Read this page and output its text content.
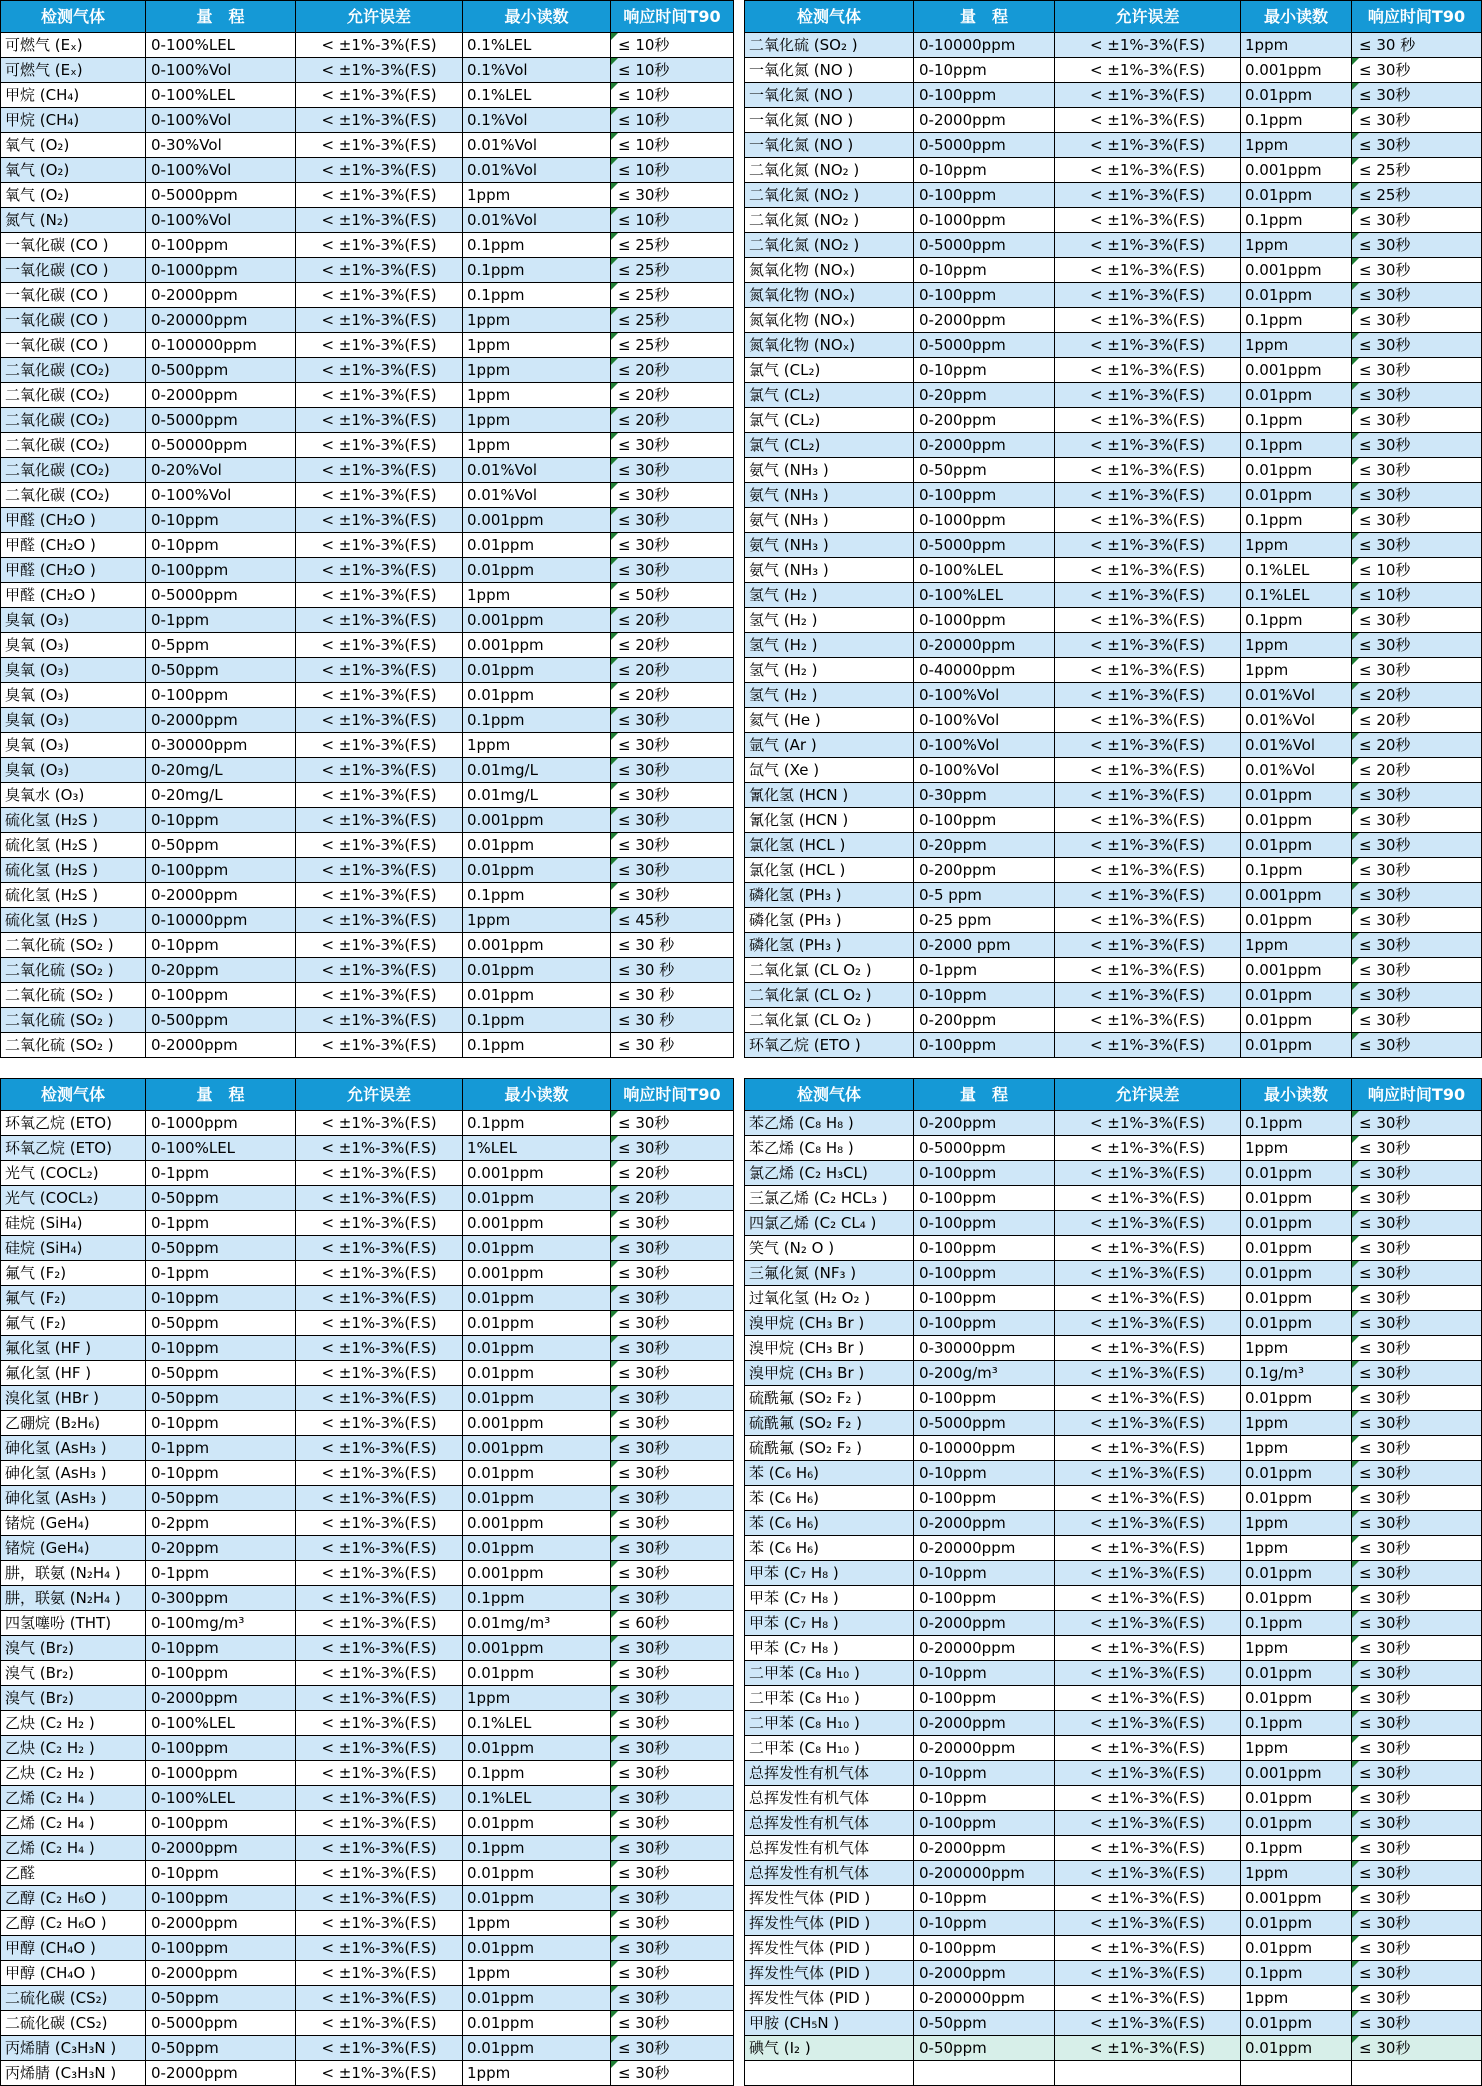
检测气体	量　程	允许误差	最小读数	响应时间T90	检测气体	量　程	允许误差	最小读数	响应时间T90
可燃气 (Eₓ)	0-100%LEL	< ±1%-3%(F.S)	0.1%LEL	≤ 10秒	二氧化硫 (SO₂ )	0-10000ppm	< ±1%-3%(F.S)	1ppm	≤ 30 秒
可燃气 (Eₓ)	0-100%Vol	< ±1%-3%(F.S)	0.1%Vol	≤ 10秒	一氧化氮 (NO )	0-10ppm	< ±1%-3%(F.S)	0.001ppm	≤ 30秒
甲烷 (CH₄)	0-100%LEL	< ±1%-3%(F.S)	0.1%LEL	≤ 10秒	一氧化氮 (NO )	0-100ppm	< ±1%-3%(F.S)	0.01ppm	≤ 30秒
甲烷 (CH₄)	0-100%Vol	< ±1%-3%(F.S)	0.1%Vol	≤ 10秒	一氧化氮 (NO )	0-2000ppm	< ±1%-3%(F.S)	0.1ppm	≤ 30秒
氧气 (O₂)	0-30%Vol	< ±1%-3%(F.S)	0.01%Vol	≤ 10秒	一氧化氮 (NO )	0-5000ppm	< ±1%-3%(F.S)	1ppm	≤ 30秒
氧气 (O₂)	0-100%Vol	< ±1%-3%(F.S)	0.01%Vol	≤ 10秒	二氧化氮 (NO₂ )	0-10ppm	< ±1%-3%(F.S)	0.001ppm	≤ 25秒
氧气 (O₂)	0-5000ppm	< ±1%-3%(F.S)	1ppm	≤ 30秒	二氧化氮 (NO₂ )	0-100ppm	< ±1%-3%(F.S)	0.01ppm	≤ 25秒
氮气 (N₂)	0-100%Vol	< ±1%-3%(F.S)	0.01%Vol	≤ 10秒	二氧化氮 (NO₂ )	0-1000ppm	< ±1%-3%(F.S)	0.1ppm	≤ 30秒
一氧化碳 (CO )	0-100ppm	< ±1%-3%(F.S)	0.1ppm	≤ 25秒	二氧化氮 (NO₂ )	0-5000ppm	< ±1%-3%(F.S)	1ppm	≤ 30秒
一氧化碳 (CO )	0-1000ppm	< ±1%-3%(F.S)	0.1ppm	≤ 25秒	氮氧化物 (NOₓ)	0-10ppm	< ±1%-3%(F.S)	0.001ppm	≤ 30秒
一氧化碳 (CO )	0-2000ppm	< ±1%-3%(F.S)	0.1ppm	≤ 25秒	氮氧化物 (NOₓ)	0-100ppm	< ±1%-3%(F.S)	0.01ppm	≤ 30秒
一氧化碳 (CO )	0-20000ppm	< ±1%-3%(F.S)	1ppm	≤ 25秒	氮氧化物 (NOₓ)	0-2000ppm	< ±1%-3%(F.S)	0.1ppm	≤ 30秒
一氧化碳 (CO )	0-100000ppm	< ±1%-3%(F.S)	1ppm	≤ 25秒	氮氧化物 (NOₓ)	0-5000ppm	< ±1%-3%(F.S)	1ppm	≤ 30秒
二氧化碳 (CO₂)	0-500ppm	< ±1%-3%(F.S)	1ppm	≤ 20秒	氯气 (CL₂)	0-10ppm	< ±1%-3%(F.S)	0.001ppm	≤ 30秒
二氧化碳 (CO₂)	0-2000ppm	< ±1%-3%(F.S)	1ppm	≤ 20秒	氯气 (CL₂)	0-20ppm	< ±1%-3%(F.S)	0.01ppm	≤ 30秒
二氧化碳 (CO₂)	0-5000ppm	< ±1%-3%(F.S)	1ppm	≤ 20秒	氯气 (CL₂)	0-200ppm	< ±1%-3%(F.S)	0.1ppm	≤ 30秒
二氧化碳 (CO₂)	0-50000ppm	< ±1%-3%(F.S)	1ppm	≤ 30秒	氯气 (CL₂)	0-2000ppm	< ±1%-3%(F.S)	0.1ppm	≤ 30秒
二氧化碳 (CO₂)	0-20%Vol	< ±1%-3%(F.S)	0.01%Vol	≤ 30秒	氨气 (NH₃ )	0-50ppm	< ±1%-3%(F.S)	0.01ppm	≤ 30秒
二氧化碳 (CO₂)	0-100%Vol	< ±1%-3%(F.S)	0.01%Vol	≤ 30秒	氨气 (NH₃ )	0-100ppm	< ±1%-3%(F.S)	0.01ppm	≤ 30秒
甲醛 (CH₂O )	0-10ppm	< ±1%-3%(F.S)	0.001ppm	≤ 30秒	氨气 (NH₃ )	0-1000ppm	< ±1%-3%(F.S)	0.1ppm	≤ 30秒
甲醛 (CH₂O )	0-10ppm	< ±1%-3%(F.S)	0.01ppm	≤ 30秒	氨气 (NH₃ )	0-5000ppm	< ±1%-3%(F.S)	1ppm	≤ 30秒
甲醛 (CH₂O )	0-100ppm	< ±1%-3%(F.S)	0.01ppm	≤ 30秒	氨气 (NH₃ )	0-100%LEL	< ±1%-3%(F.S)	0.1%LEL	≤ 10秒
甲醛 (CH₂O )	0-5000ppm	< ±1%-3%(F.S)	1ppm	≤ 50秒	氢气 (H₂ )	0-100%LEL	< ±1%-3%(F.S)	0.1%LEL	≤ 10秒
臭氧 (O₃)	0-1ppm	< ±1%-3%(F.S)	0.001ppm	≤ 20秒	氢气 (H₂ )	0-1000ppm	< ±1%-3%(F.S)	0.1ppm	≤ 30秒
臭氧 (O₃)	0-5ppm	< ±1%-3%(F.S)	0.001ppm	≤ 20秒	氢气 (H₂ )	0-20000ppm	< ±1%-3%(F.S)	1ppm	≤ 30秒
臭氧 (O₃)	0-50ppm	< ±1%-3%(F.S)	0.01ppm	≤ 20秒	氢气 (H₂ )	0-40000ppm	< ±1%-3%(F.S)	1ppm	≤ 30秒
臭氧 (O₃)	0-100ppm	< ±1%-3%(F.S)	0.01ppm	≤ 20秒	氢气 (H₂ )	0-100%Vol	< ±1%-3%(F.S)	0.01%Vol	≤ 20秒
臭氧 (O₃)	0-2000ppm	< ±1%-3%(F.S)	0.1ppm	≤ 30秒	氦气 (He )	0-100%Vol	< ±1%-3%(F.S)	0.01%Vol	≤ 20秒
臭氧 (O₃)	0-30000ppm	< ±1%-3%(F.S)	1ppm	≤ 30秒	氩气 (Ar )	0-100%Vol	< ±1%-3%(F.S)	0.01%Vol	≤ 20秒
臭氧 (O₃)	0-20mg/L	< ±1%-3%(F.S)	0.01mg/L	≤ 30秒	氙气 (Xe )	0-100%Vol	< ±1%-3%(F.S)	0.01%Vol	≤ 20秒
臭氧水 (O₃)	0-20mg/L	< ±1%-3%(F.S)	0.01mg/L	≤ 30秒	氰化氢 (HCN )	0-30ppm	< ±1%-3%(F.S)	0.01ppm	≤ 30秒
硫化氢 (H₂S )	0-10ppm	< ±1%-3%(F.S)	0.001ppm	≤ 30秒	氰化氢 (HCN )	0-100ppm	< ±1%-3%(F.S)	0.01ppm	≤ 30秒
硫化氢 (H₂S )	0-50ppm	< ±1%-3%(F.S)	0.01ppm	≤ 30秒	氯化氢 (HCL )	0-20ppm	< ±1%-3%(F.S)	0.01ppm	≤ 30秒
硫化氢 (H₂S )	0-100ppm	< ±1%-3%(F.S)	0.01ppm	≤ 30秒	氯化氢 (HCL )	0-200ppm	< ±1%-3%(F.S)	0.1ppm	≤ 30秒
硫化氢 (H₂S )	0-2000ppm	< ±1%-3%(F.S)	0.1ppm	≤ 30秒	磷化氢 (PH₃ )	0-5 ppm	< ±1%-3%(F.S)	0.001ppm	≤ 30秒
硫化氢 (H₂S )	0-10000ppm	< ±1%-3%(F.S)	1ppm	≤ 45秒	磷化氢 (PH₃ )	0-25 ppm	< ±1%-3%(F.S)	0.01ppm	≤ 30秒
二氧化硫 (SO₂ )	0-10ppm	< ±1%-3%(F.S)	0.001ppm	≤ 30 秒	磷化氢 (PH₃ )	0-2000 ppm	< ±1%-3%(F.S)	1ppm	≤ 30秒
二氧化硫 (SO₂ )	0-20ppm	< ±1%-3%(F.S)	0.01ppm	≤ 30 秒	二氧化氯 (CL O₂ )	0-1ppm	< ±1%-3%(F.S)	0.001ppm	≤ 30秒
二氧化硫 (SO₂ )	0-100ppm	< ±1%-3%(F.S)	0.01ppm	≤ 30 秒	二氧化氯 (CL O₂ )	0-10ppm	< ±1%-3%(F.S)	0.01ppm	≤ 30秒
二氧化硫 (SO₂ )	0-500ppm	< ±1%-3%(F.S)	0.1ppm	≤ 30 秒	二氧化氯 (CL O₂ )	0-200ppm	< ±1%-3%(F.S)	0.01ppm	≤ 30秒
二氧化硫 (SO₂ )	0-2000ppm	< ±1%-3%(F.S)	0.1ppm	≤ 30 秒	环氧乙烷 (ETO )	0-100ppm	< ±1%-3%(F.S)	0.01ppm	≤ 30秒
检测气体	量　程	允许误差	最小读数	响应时间T90	检测气体	量　程	允许误差	最小读数	响应时间T90
环氧乙烷 (ETO)	0-1000ppm	< ±1%-3%(F.S)	0.1ppm	≤ 30秒	苯乙烯 (C₈ H₈ )	0-200ppm	< ±1%-3%(F.S)	0.1ppm	≤ 30秒
环氧乙烷 (ETO)	0-100%LEL	< ±1%-3%(F.S)	1%LEL	≤ 30秒	苯乙烯 (C₈ H₈ )	0-5000ppm	< ±1%-3%(F.S)	1ppm	≤ 30秒
光气 (COCL₂)	0-1ppm	< ±1%-3%(F.S)	0.001ppm	≤ 20秒	氯乙烯 (C₂ H₃CL)	0-100ppm	< ±1%-3%(F.S)	0.01ppm	≤ 30秒
光气 (COCL₂)	0-50ppm	< ±1%-3%(F.S)	0.01ppm	≤ 20秒	三氯乙烯 (C₂ HCL₃ )	0-100ppm	< ±1%-3%(F.S)	0.01ppm	≤ 30秒
硅烷 (SiH₄)	0-1ppm	< ±1%-3%(F.S)	0.001ppm	≤ 30秒	四氯乙烯 (C₂ CL₄ )	0-100ppm	< ±1%-3%(F.S)	0.01ppm	≤ 30秒
硅烷 (SiH₄)	0-50ppm	< ±1%-3%(F.S)	0.01ppm	≤ 30秒	笑气 (N₂ O )	0-100ppm	< ±1%-3%(F.S)	0.01ppm	≤ 30秒
氟气 (F₂)	0-1ppm	< ±1%-3%(F.S)	0.001ppm	≤ 30秒	三氟化氮 (NF₃ )	0-100ppm	< ±1%-3%(F.S)	0.01ppm	≤ 30秒
氟气 (F₂)	0-10ppm	< ±1%-3%(F.S)	0.01ppm	≤ 30秒	过氧化氢 (H₂ O₂ )	0-100ppm	< ±1%-3%(F.S)	0.01ppm	≤ 30秒
氟气 (F₂)	0-50ppm	< ±1%-3%(F.S)	0.01ppm	≤ 30秒	溴甲烷 (CH₃ Br )	0-100ppm	< ±1%-3%(F.S)	0.01ppm	≤ 30秒
氟化氢 (HF )	0-10ppm	< ±1%-3%(F.S)	0.01ppm	≤ 30秒	溴甲烷 (CH₃ Br )	0-30000ppm	< ±1%-3%(F.S)	1ppm	≤ 30秒
氟化氢 (HF )	0-50ppm	< ±1%-3%(F.S)	0.01ppm	≤ 30秒	溴甲烷 (CH₃ Br )	0-200g/m³	< ±1%-3%(F.S)	0.1g/m³	≤ 30秒
溴化氢 (HBr )	0-50ppm	< ±1%-3%(F.S)	0.01ppm	≤ 30秒	硫酰氟 (SO₂ F₂ )	0-100ppm	< ±1%-3%(F.S)	0.01ppm	≤ 30秒
乙硼烷 (B₂H₆)	0-10ppm	< ±1%-3%(F.S)	0.001ppm	≤ 30秒	硫酰氟 (SO₂ F₂ )	0-5000ppm	< ±1%-3%(F.S)	1ppm	≤ 30秒
砷化氢 (AsH₃ )	0-1ppm	< ±1%-3%(F.S)	0.001ppm	≤ 30秒	硫酰氟 (SO₂ F₂ )	0-10000ppm	< ±1%-3%(F.S)	1ppm	≤ 30秒
砷化氢 (AsH₃ )	0-10ppm	< ±1%-3%(F.S)	0.01ppm	≤ 30秒	苯 (C₆ H₆)	0-10ppm	< ±1%-3%(F.S)	0.01ppm	≤ 30秒
砷化氢 (AsH₃ )	0-50ppm	< ±1%-3%(F.S)	0.01ppm	≤ 30秒	苯 (C₆ H₆)	0-100ppm	< ±1%-3%(F.S)	0.01ppm	≤ 30秒
锗烷 (GeH₄)	0-2ppm	< ±1%-3%(F.S)	0.001ppm	≤ 30秒	苯 (C₆ H₆)	0-2000ppm	< ±1%-3%(F.S)	1ppm	≤ 30秒
锗烷 (GeH₄)	0-20ppm	< ±1%-3%(F.S)	0.01ppm	≤ 30秒	苯 (C₆ H₆)	0-20000ppm	< ±1%-3%(F.S)	1ppm	≤ 30秒
肼，联氨 (N₂H₄ )	0-1ppm	< ±1%-3%(F.S)	0.001ppm	≤ 30秒	甲苯 (C₇ H₈ )	0-10ppm	< ±1%-3%(F.S)	0.01ppm	≤ 30秒
肼，联氨 (N₂H₄ )	0-300ppm	< ±1%-3%(F.S)	0.1ppm	≤ 30秒	甲苯 (C₇ H₈ )	0-100ppm	< ±1%-3%(F.S)	0.01ppm	≤ 30秒
四氢噻吩 (THT)	0-100mg/m³	< ±1%-3%(F.S)	0.01mg/m³	≤ 60秒	甲苯 (C₇ H₈ )	0-2000ppm	< ±1%-3%(F.S)	0.1ppm	≤ 30秒
溴气 (Br₂)	0-10ppm	< ±1%-3%(F.S)	0.001ppm	≤ 30秒	甲苯 (C₇ H₈ )	0-20000ppm	< ±1%-3%(F.S)	1ppm	≤ 30秒
溴气 (Br₂)	0-100ppm	< ±1%-3%(F.S)	0.01ppm	≤ 30秒	二甲苯 (C₈ H₁₀ )	0-10ppm	< ±1%-3%(F.S)	0.01ppm	≤ 30秒
溴气 (Br₂)	0-2000ppm	< ±1%-3%(F.S)	1ppm	≤ 30秒	二甲苯 (C₈ H₁₀ )	0-100ppm	< ±1%-3%(F.S)	0.01ppm	≤ 30秒
乙炔 (C₂ H₂ )	0-100%LEL	< ±1%-3%(F.S)	0.1%LEL	≤ 30秒	二甲苯 (C₈ H₁₀ )	0-2000ppm	< ±1%-3%(F.S)	0.1ppm	≤ 30秒
乙炔 (C₂ H₂ )	0-100ppm	< ±1%-3%(F.S)	0.01ppm	≤ 30秒	二甲苯 (C₈ H₁₀ )	0-20000ppm	< ±1%-3%(F.S)	1ppm	≤ 30秒
乙炔 (C₂ H₂ )	0-1000ppm	< ±1%-3%(F.S)	0.1ppm	≤ 30秒	总挥发性有机气体	0-10ppm	< ±1%-3%(F.S)	0.001ppm	≤ 30秒
乙烯 (C₂ H₄ )	0-100%LEL	< ±1%-3%(F.S)	0.1%LEL	≤ 30秒	总挥发性有机气体	0-10ppm	< ±1%-3%(F.S)	0.01ppm	≤ 30秒
乙烯 (C₂ H₄ )	0-100ppm	< ±1%-3%(F.S)	0.01ppm	≤ 30秒	总挥发性有机气体	0-100ppm	< ±1%-3%(F.S)	0.01ppm	≤ 30秒
乙烯 (C₂ H₄ )	0-2000ppm	< ±1%-3%(F.S)	0.1ppm	≤ 30秒	总挥发性有机气体	0-2000ppm	< ±1%-3%(F.S)	0.1ppm	≤ 30秒
乙醛	0-10ppm	< ±1%-3%(F.S)	0.01ppm	≤ 30秒	总挥发性有机气体	0-200000ppm	< ±1%-3%(F.S)	1ppm	≤ 30秒
乙醇 (C₂ H₆O )	0-100ppm	< ±1%-3%(F.S)	0.01ppm	≤ 30秒	挥发性气体 (PID )	0-10ppm	< ±1%-3%(F.S)	0.001ppm	≤ 30秒
乙醇 (C₂ H₆O )	0-2000ppm	< ±1%-3%(F.S)	1ppm	≤ 30秒	挥发性气体 (PID )	0-10ppm	< ±1%-3%(F.S)	0.01ppm	≤ 30秒
甲醇 (CH₄O )	0-100ppm	< ±1%-3%(F.S)	0.01ppm	≤ 30秒	挥发性气体 (PID )	0-100ppm	< ±1%-3%(F.S)	0.01ppm	≤ 30秒
甲醇 (CH₄O )	0-2000ppm	< ±1%-3%(F.S)	1ppm	≤ 30秒	挥发性气体 (PID )	0-2000ppm	< ±1%-3%(F.S)	0.1ppm	≤ 30秒
二硫化碳 (CS₂)	0-50ppm	< ±1%-3%(F.S)	0.01ppm	≤ 30秒	挥发性气体 (PID )	0-200000ppm	< ±1%-3%(F.S)	1ppm	≤ 30秒
二硫化碳 (CS₂)	0-5000ppm	< ±1%-3%(F.S)	0.01ppm	≤ 30秒	甲胺 (CH₅N )	0-50ppm	< ±1%-3%(F.S)	0.01ppm	≤ 30秒
丙烯腈 (C₃H₃N )	0-50ppm	< ±1%-3%(F.S)	0.01ppm	≤ 30秒	碘气 (I₂ )	0-50ppm	< ±1%-3%(F.S)	0.01ppm	≤ 30秒
丙烯腈 (C₃H₃N )	0-2000ppm	< ±1%-3%(F.S)	1ppm	≤ 30秒
